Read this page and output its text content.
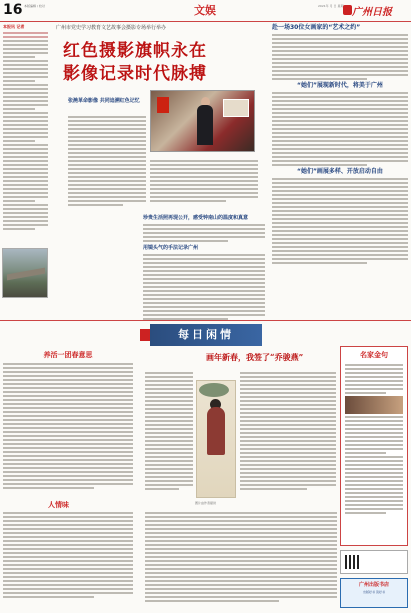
16 本版编辑 / 校对	文娱	2021年 月 日 星期
广州日报
本报讯 记者	广州市党史学习教育文艺故事会摄影专场举行举办
红色摄影旗帜永在
影像记录时代脉搏
张滟革命影像 共同追溯红色记忆
珍贵生活照再现公开，感受钟南山的温度和真意
用镜头气的手法记录广州
赴一场30位女画家的“艺术之约”
“她们”展现新时代，将美于广州
“她们”画展多样、开放启动自由
每日闲情
养活一团春意思
人情味
画年新春，我签了“乔骏燕”
图片由作者提供
名家金句
广州出版书店
出版好书 读好书
